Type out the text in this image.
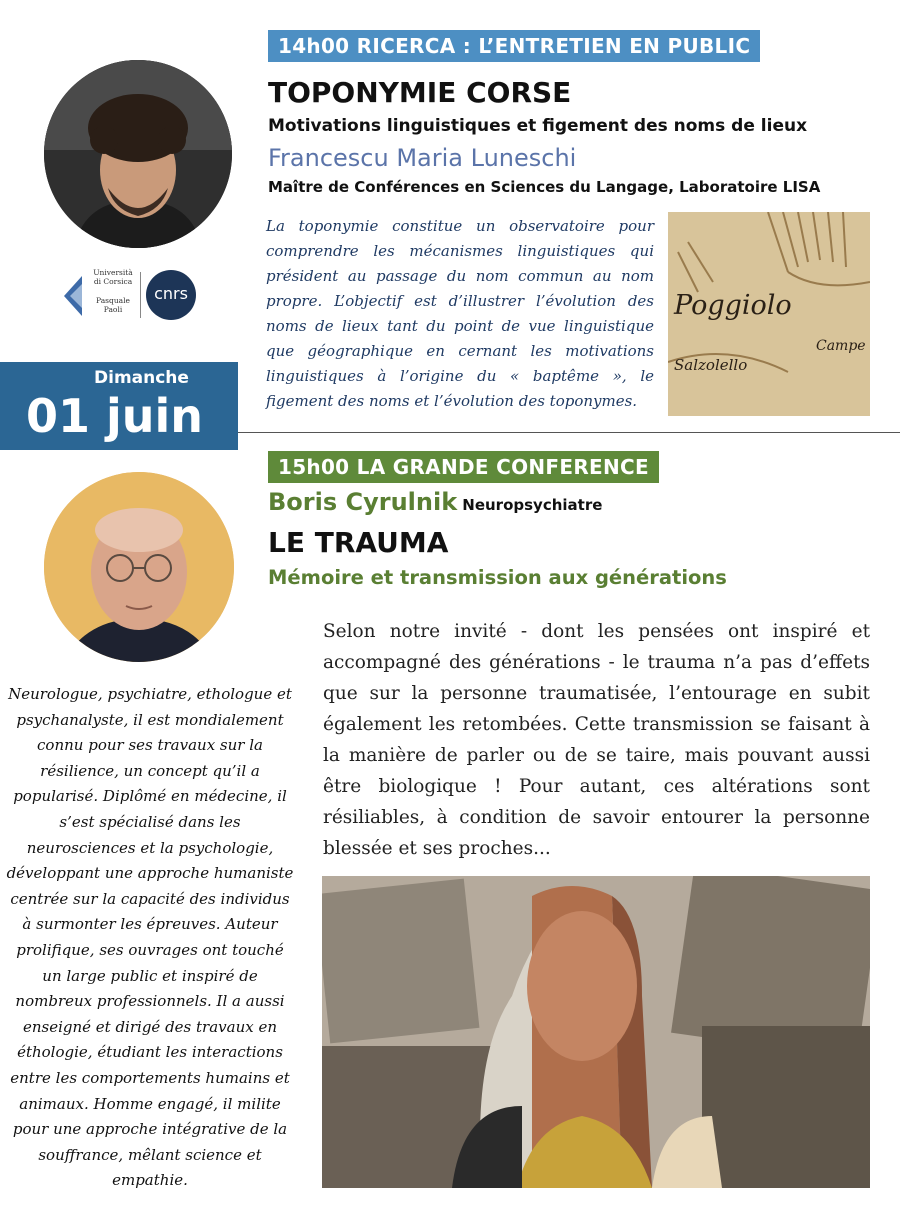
Università
di Corsica
Pasquale
Paoli
cnrs
14h00 RICERCA : L’ENTRETIEN EN PUBLIC
TOPONYMIE CORSE
Motivations linguistiques et figement des noms de lieux
Francescu Maria Luneschi
Maître de Conférences en Sciences du Langage, Laboratoire LISA
La toponymie constitue un observatoire pour comprendre les mécanismes linguistiques qui président au passage du nom commun au nom propre. L’objectif est d’illustrer l’évolution des noms de lieux tant du point de vue linguistique que géographique en cernant les motivations linguistiques à l’origine du « baptême », le figement des noms et l’évolution des toponymes.
Poggiolo
Salzolello
Campe
Dimanche
01 juin
15h00 LA GRANDE CONFERENCE
Boris Cyrulnik Neuropsychiatre
LE TRAUMA
Mémoire et transmission aux générations
Selon notre invité - dont les pensées ont inspiré et accompagné des générations - le trauma n’a pas d’effets que sur la personne traumatisée, l’entourage en subit également les retombées. Cette transmission se faisant à la manière de parler ou de se taire, mais pouvant aussi être biologique ! Pour autant, ces altérations sont résiliables, à condition de savoir entourer la personne blessée et ses proches...
Neurologue, psychiatre, ethologue et psychanalyste, il est mondialement connu pour ses travaux sur la résilience, un concept qu’il a popularisé. Diplômé en médecine, il s’est spécialisé dans les neurosciences et la psychologie, développant une approche humaniste centrée sur la capacité des individus à surmonter les épreuves. Auteur prolifique, ses ouvrages ont touché un large public et inspiré de nombreux professionnels. Il a aussi enseigné et dirigé des travaux en éthologie, étudiant les interactions entre les comportements humains et animaux. Homme engagé, il milite pour une approche intégrative de la souffrance, mêlant science et empathie.
